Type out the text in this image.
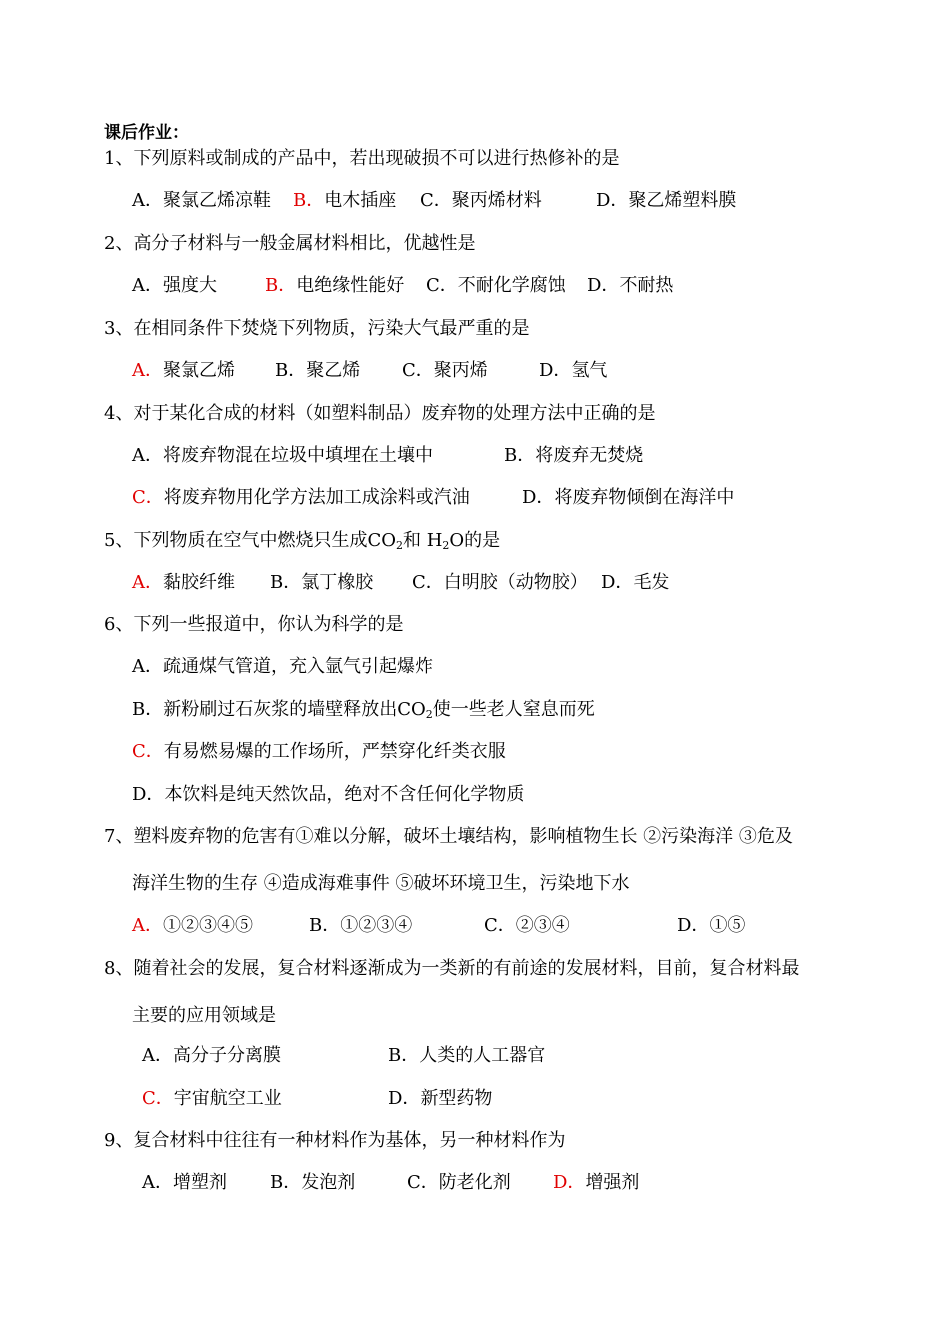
课后作业：
1、下列原料或制成的产品中，若出现破损不可以进行热修补的是
A．聚氯乙烯凉鞋 B．电木插座 C．聚丙烯材料	D．聚乙烯塑料膜
2、高分子材料与一般金属材料相比，优越性是
A．强度大	B．电绝缘性能好 C．不耐化学腐蚀 D．不耐热
3、在相同条件下焚烧下列物质，污染大气最严重的是
A．聚氯乙烯 B．聚乙烯 C．聚丙烯	D．氢气
4、对于某化合成的材料（如塑料制品）废弃物的处理方法中正确的是
A．将废弃物混在垃圾中填埋在土壤中	B．将废弃无焚烧
C．将废弃物用化学方法加工成涂料或汽油	D．将废弃物倾倒在海洋中
5、下列物质在空气中燃烧只生成$CO_2$和 $H_2O$的是
A．黏胶纤维 B．氯丁橡胶 C．白明胶（动物胶） D．毛发
6、下列一些报道中，你认为科学的是
A．疏通煤气管道，充入氩气引起爆炸
B．新粉刷过石灰浆的墙壁释放出$CO_2$使一些老人窒息而死
C．有易燃易爆的工作场所，严禁穿化纤类衣服
D．本饮料是纯天然饮品，绝对不含任何化学物质
7、塑料废弃物的危害有①难以分解，破坏土壤结构，影响植物生长 ②污染海洋 ③危及
海洋生物的生存 ④造成海难事件 ⑤破坏环境卫生，污染地下水
A．①②③④⑤	B．①②③④	C．②③④	D．①⑤
8、随着社会的发展，复合材料逐渐成为一类新的有前途的发展材料，目前，复合材料最
主要的应用领域是
A．高分子分离膜	B．人类的人工器官
C．宇宙航空工业	D．新型药物
9、复合材料中往往有一种材料作为基体，另一种材料作为
A．增塑剂 B．发泡剂	C．防老化剂 D．增强剂
